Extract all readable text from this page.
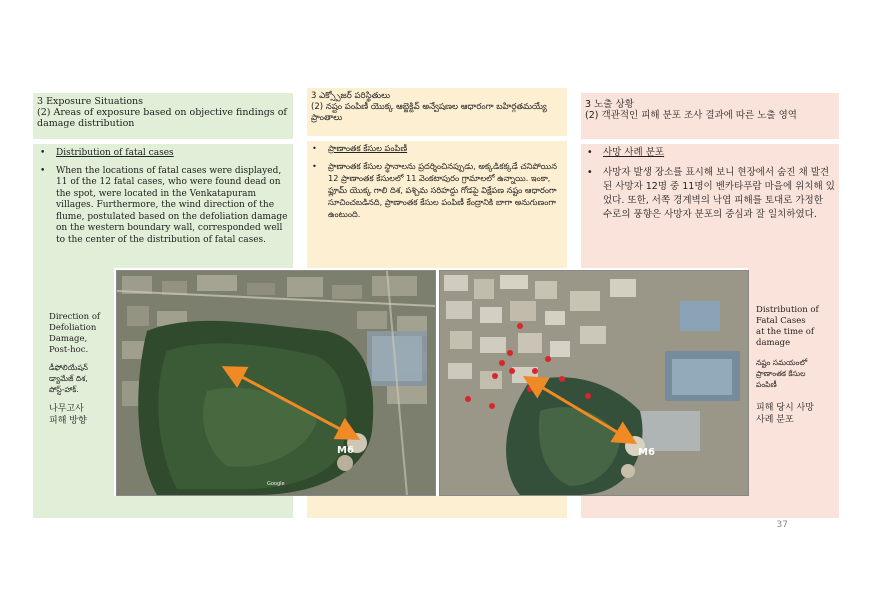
3 Exposure Situations
(2) Areas of exposure based on objective findings of damage distribution
3 ఎక్స్పోజర్ పరిస్థితులు
(2) నష్టం పంపిణీ యొక్క ఆబ్జెక్టివ్ అన్వేషణల ఆధారంగా బహిర్గతమయ్యే ప్రాంతాలు
3 노출 상황
(2) 객관적인 피해 분포 조사 결과에 따른 노출 영역
• Distribution of fatal cases
• When the locations of fatal cases were displayed, 11 of the 12 fatal cases, who were found dead on the spot, were located in the Venkatapuram villages. Furthermore, the wind direction of the flume, postulated based on the defoliation damage on the western boundary wall, corresponded well to the center of the distribution of fatal cases.
• ప్రాణాంతక కేసుల పంపిణీ
• ప్రాణాంతక కేసుల స్థానాలను ప్రదర్శించినప్పుడు, అక్కడికక్కడే చనిపోయిన 12 ప్రాణాంతక కేసులలో 11 వెంకటాపురం గ్రామాలలో ఉన్నాయి. ఇంకా, ఫ్లూమ్ యొక్క గాలి దిశ, పశ్చిమ సరిహద్దు గోడపై విక్షేపణ నష్టం ఆధారంగా సూచించబడినది, ప్రాణాంతక కేసుల పంపిణీ కేంద్రానికి బాగా అనుగుణంగా ఉంటుంది.
• 사망 사례 분포
• 사망자 발생 장소를 표시해 보니 현장에서 숨진 채 발견된 사망자 12명 중 11명이 벤카타푸람 마을에 위치해 있었다. 또한, 서쪽 경계벽의 낙엽 피해를 토대로 가정한 수로의 풍향은 사망자 분포의 중심과 잘 일치하였다.
Direction of
Defoliation
Damage,
Post-hoc.
డీఫోలియేషన్
డ్యామేజ్ దిశ,
పోస్ట్-హాక్.
나무고사
피해 방향
Distribution of
Fatal Cases
at the time of
damage
నష్టం సమయంలో
ప్రాణాంతక కేసుల
పంపిణీ
피해 당시 사망
사례 분포
M6
Google
M6
37
